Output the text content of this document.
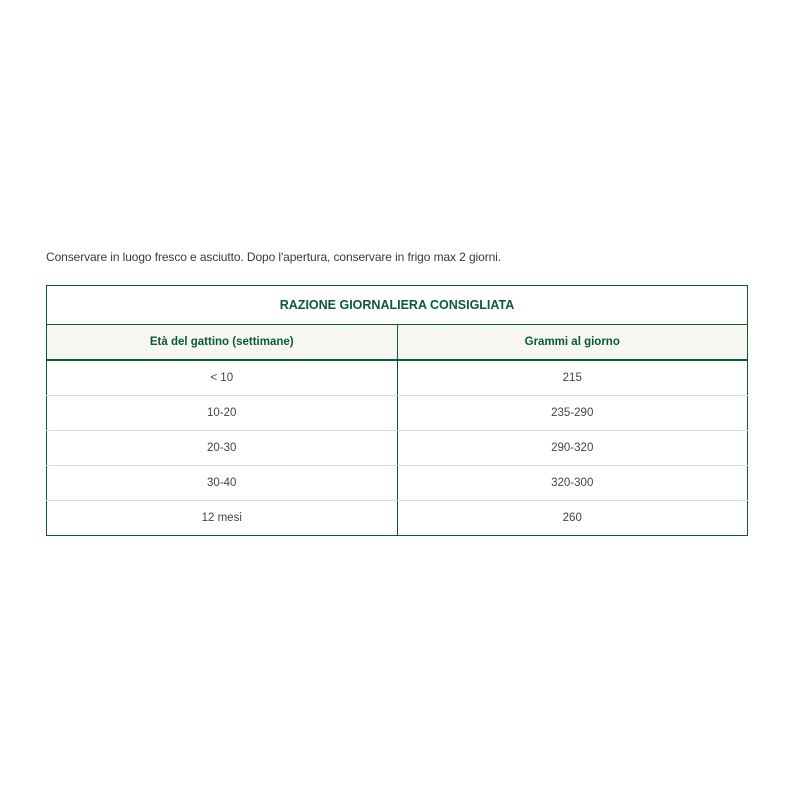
Conservare in luogo fresco e asciutto. Dopo l'apertura, conservare in frigo max 2 giorni.
RAZIONE GIORNALIERA CONSIGLIATA	
Età del gattino (settimane)	Grammi al giorno
< 10	215
10-20	235-290
20-30	290-320
30-40	320-300
12 mesi	260
